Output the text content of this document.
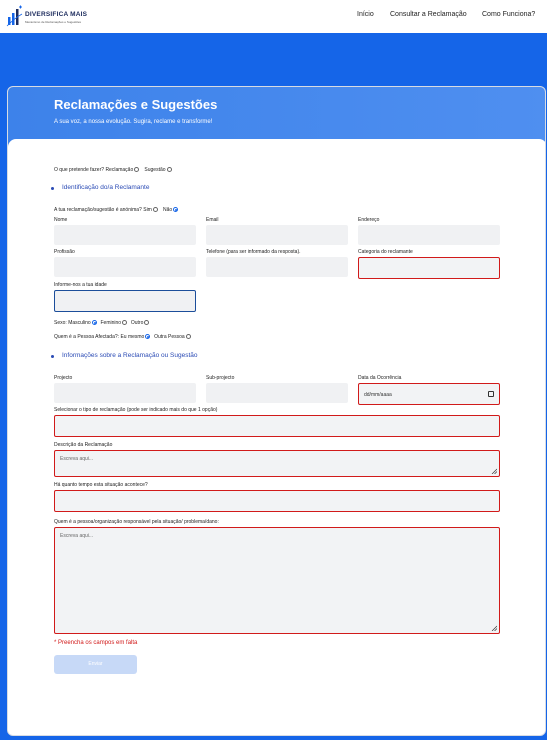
DIVERSIFICA MAIS
Mecanismo de Reclamações e Sugestões
Início Consultar a Reclamação Como Funciona?
Reclamações e Sugestões
A sua voz, a nossa evolução. Sugira, reclame e transforme!
O que pretende fazer? Reclamação Sugestão
Identificação do/a Reclamante
A tua reclamação/sugestão é anónima? Sim Não
Nome	Email	Endereço
Profissão	Telefone (para ser informado da resposta).	Categoria do reclamante
Informe-nos a tua idade
Sexo: Masculino Feminino Outro
Quem é a Pessoa Afectada?: Eu mesmo Outra Pessoa
Informações sobre a Reclamação ou Sugestão
Projecto	Sub-projecto	Data da Ocorrência
dd/mm/aaaa
Selecionar o tipo de reclamação (pode ser indicado mais do que 1 opção)
Descrição da Reclamação
Escreva aqui...
Há quanto tempo esta situação acontece?
Quem é a pessoa/organização responsável pela situação/ problema/dano:
Escreva aqui...
* Preencha os campos em falta
Enviar
